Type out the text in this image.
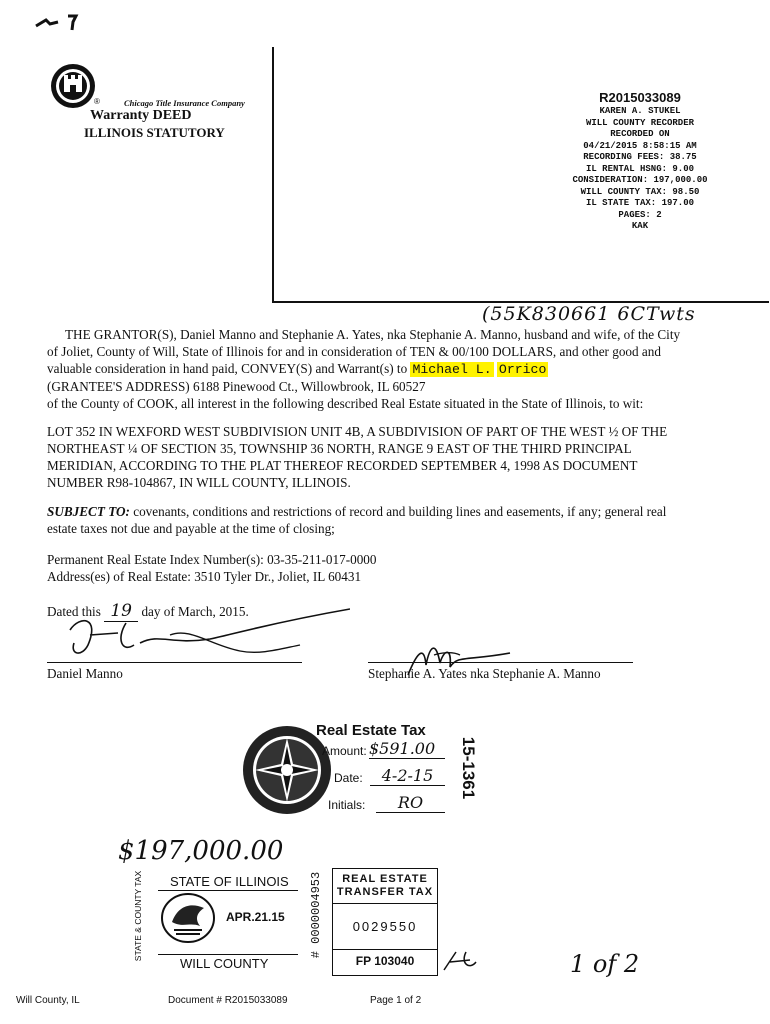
®	Chicago Title Insurance Company
Warranty DEED
ILLINOIS STATUTORY
R2015033089
KAREN A. STUKEL
WILL COUNTY RECORDER
RECORDED ON
04/21/2015 8:58:15 AM
RECORDING FEES: 38.75
IL RENTAL HSNG: 9.00
CONSIDERATION: 197,000.00
WILL COUNTY TAX: 98.50
IL STATE TAX: 197.00
PAGES: 2
KAK
(55K830661 6CTwts
THE GRANTOR(S), Daniel Manno and Stephanie A. Yates, nka Stephanie A. Manno, husband and wife, of the City
of Joliet, County of Will, State of Illinois for and in consideration of TEN & 00/100 DOLLARS, and other good and
valuable consideration in hand paid, CONVEY(S) and Warrant(s) to Michael L. Orrico
(GRANTEE'S ADDRESS) 6188 Pinewood Ct., Willowbrook, IL 60527
of the County of COOK, all interest in the following described Real Estate situated in the State of Illinois, to wit:
LOT 352 IN WEXFORD WEST SUBDIVISION UNIT 4B, A SUBDIVISION OF PART OF THE WEST ½ OF THE
NORTHEAST ¼ OF SECTION 35, TOWNSHIP 36 NORTH, RANGE 9 EAST OF THE THIRD PRINCIPAL
MERIDIAN, ACCORDING TO THE PLAT THEREOF RECORDED SEPTEMBER 4, 1998 AS DOCUMENT
NUMBER R98-104867, IN WILL COUNTY, ILLINOIS.
SUBJECT TO: covenants, conditions and restrictions of record and building lines and easements, if any; general real
estate taxes not due and payable at the time of closing;
Permanent Real Estate Index Number(s): 03-35-211-017-0000
Address(es) of Real Estate: 3510 Tyler Dr., Joliet, IL 60431
Dated this 19 day of March, 2015.
Daniel Manno	Stephanie A. Yates nka Stephanie A. Manno
Real Estate Tax
Amount: $591.00
Date:	4-2-15
Initials:	RO
15-1361
$197,000.00
STATE & COUNTY TAX STATE OF ILLINOIS
APR.21.15
WILL COUNTY
# 0000004953	REAL ESTATE
TRANSFER TAX
0029550
FP 103040	1 of 2
Will County, IL	Document # R2015033089	Page 1 of 2
